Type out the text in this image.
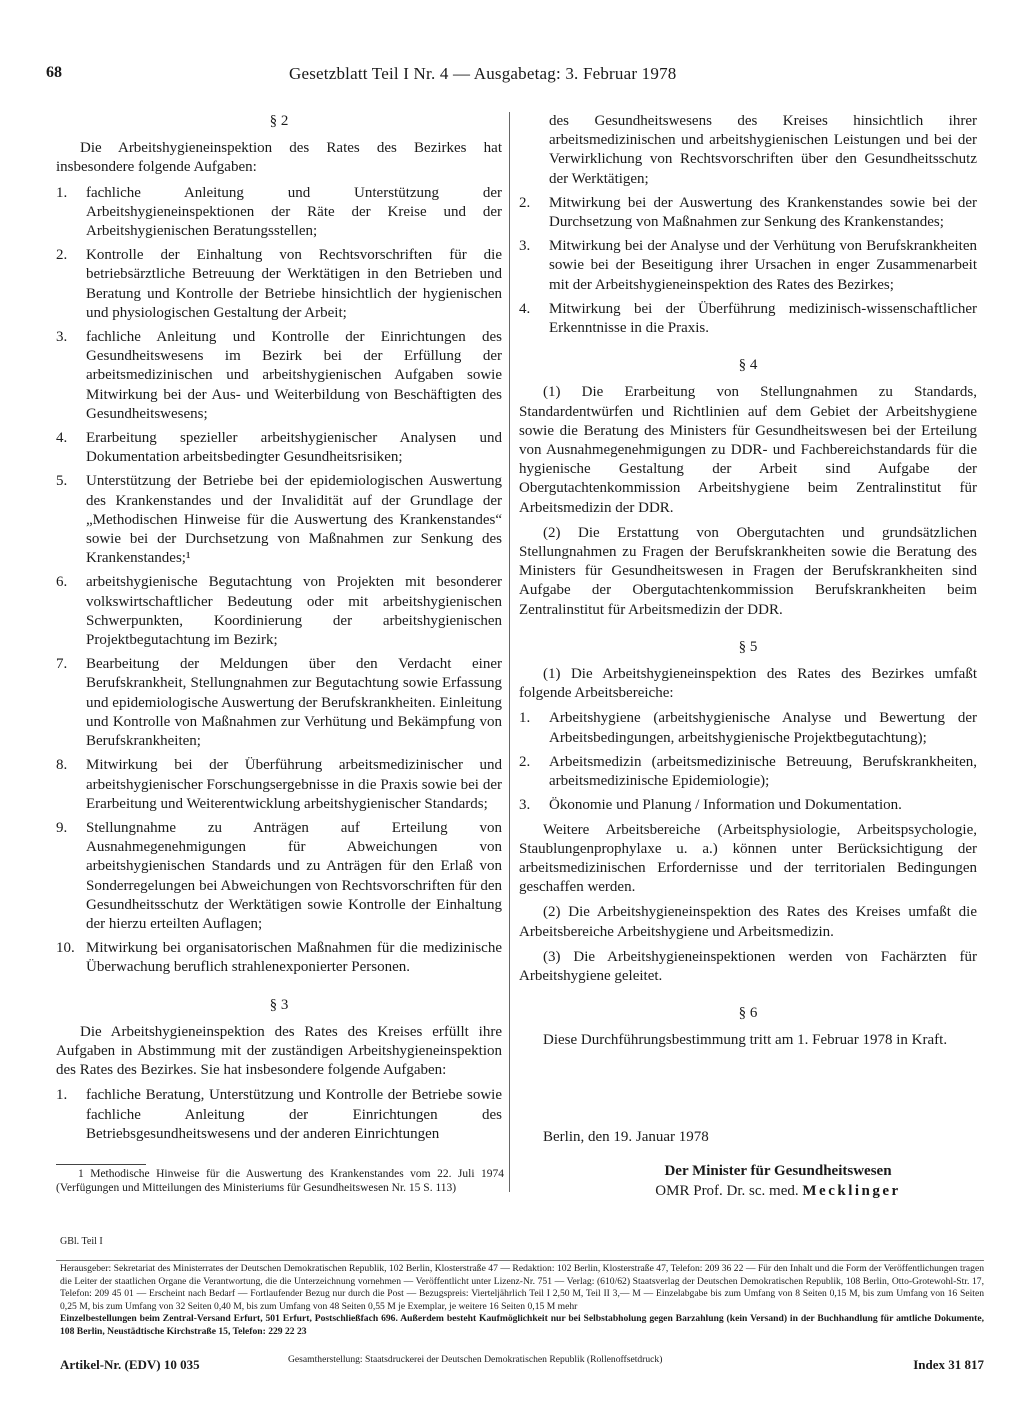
68	Gesetzblatt Teil I Nr. 4 — Ausgabetag: 3. Februar 1978
§ 2

Die Arbeitshygieneinspektion des Rates des Bezirkes hat insbesondere folgende Aufgaben:

1.	fachliche Anleitung und Unterstützung der Arbeitshygieneinspektionen der Räte der Kreise und der Arbeitshygienischen Beratungsstellen;
2.	Kontrolle der Einhaltung von Rechtsvorschriften für die betriebsärztliche Betreuung der Werktätigen in den Betrieben und Beratung und Kontrolle der Betriebe hinsichtlich der hygienischen und physiologischen Gestaltung der Arbeit;
3.	fachliche Anleitung und Kontrolle der Einrichtungen des Gesundheitswesens im Bezirk bei der Erfüllung der arbeitsmedizinischen und arbeitshygienischen Aufgaben sowie Mitwirkung bei der Aus- und Weiterbildung von Beschäftigten des Gesundheitswesens;
4.	Erarbeitung spezieller arbeitshygienischer Analysen und Dokumentation arbeitsbedingter Gesundheitsrisiken;
5.	Unterstützung der Betriebe bei der epidemiologischen Auswertung des Krankenstandes und der Invalidität auf der Grundlage der „Methodischen Hinweise für die Auswertung des Krankenstandes“ sowie bei der Durchsetzung von Maßnahmen zur Senkung des Krankenstandes;¹
6.	arbeitshygienische Begutachtung von Projekten mit besonderer volkswirtschaftlicher Bedeutung oder mit arbeitshygienischen Schwerpunkten, Koordinierung der arbeitshygienischen Projektbegutachtung im Bezirk;
7.	Bearbeitung der Meldungen über den Verdacht einer Berufskrankheit, Stellungnahmen zur Begutachtung sowie Erfassung und epidemiologische Auswertung der Berufskrankheiten. Einleitung und Kontrolle von Maßnahmen zur Verhütung und Bekämpfung von Berufskrankheiten;
8.	Mitwirkung bei der Überführung arbeitsmedizinischer und arbeitshygienischer Forschungsergebnisse in die Praxis sowie bei der Erarbeitung und Weiterentwicklung arbeitshygienischer Standards;
9.	Stellungnahme zu Anträgen auf Erteilung von Ausnahmegenehmigungen für Abweichungen von arbeitshygienischen Standards und zu Anträgen für den Erlaß von Sonderregelungen bei Abweichungen von Rechtsvorschriften für den Gesundheitsschutz der Werktätigen sowie Kontrolle der Einhaltung der hierzu erteilten Auflagen;
10. Mitwirkung bei organisatorischen Maßnahmen für die medizinische Überwachung beruflich strahlenexponierter Personen.
§ 3

Die Arbeitshygieneinspektion des Rates des Kreises erfüllt ihre Aufgaben in Abstimmung mit der zuständigen Arbeitshygieneinspektion des Rates des Bezirkes. Sie hat insbesondere folgende Aufgaben:

1.	fachliche Beratung, Unterstützung und Kontrolle der Betriebe sowie fachliche Anleitung der Einrichtungen des Betriebsgesundheitswesens und der anderen Einrichtungen
1 Methodische Hinweise für die Auswertung des Krankenstandes vom 22. Juli 1974 (Verfügungen und Mitteilungen des Ministeriums für Gesundheitswesen Nr. 15 S. 113)
des Gesundheitswesens des Kreises hinsichtlich ihrer arbeitsmedizinischen und arbeitshygienischen Leistungen und bei der Verwirklichung von Rechtsvorschriften über den Gesundheitsschutz der Werktätigen;
2.	Mitwirkung bei der Auswertung des Krankenstandes sowie bei der Durchsetzung von Maßnahmen zur Senkung des Krankenstandes;
3.	Mitwirkung bei der Analyse und der Verhütung von Berufskrankheiten sowie bei der Beseitigung ihrer Ursachen in enger Zusammenarbeit mit der Arbeitshygieneinspektion des Rates des Bezirkes;
4.	Mitwirkung bei der Überführung medizinisch-wissenschaftlicher Erkenntnisse in die Praxis.
§ 4

(1) Die Erarbeitung von Stellungnahmen zu Standards, Standardentwürfen und Richtlinien auf dem Gebiet der Arbeitshygiene sowie die Beratung des Ministers für Gesundheitswesen bei der Erteilung von Ausnahmegenehmigungen zu DDR- und Fachbereichstandards für die hygienische Gestaltung der Arbeit sind Aufgabe der Obergutachtenkommission Arbeitshygiene beim Zentralinstitut für Arbeitsmedizin der DDR.

(2) Die Erstattung von Obergutachten und grundsätzlichen Stellungnahmen zu Fragen der Berufskrankheiten sowie die Beratung des Ministers für Gesundheitswesen in Fragen der Berufskrankheiten sind Aufgabe der Obergutachtenkommission Berufskrankheiten beim Zentralinstitut für Arbeitsmedizin der DDR.

§ 5

(1) Die Arbeitshygieneinspektion des Rates des Bezirkes umfaßt folgende Arbeitsbereiche:

1.	Arbeitshygiene (arbeitshygienische Analyse und Bewertung der Arbeitsbedingungen, arbeitshygienische Projektbegutachtung);
2.	Arbeitsmedizin (arbeitsmedizinische Betreuung, Berufskrankheiten, arbeitsmedizinische Epidemiologie);
3.	Ökonomie und Planung / Information und Dokumentation.

Weitere Arbeitsbereiche (Arbeitsphysiologie, Arbeitspsychologie, Staublungenprophylaxe u. a.) können unter Berücksichtigung der arbeitsmedizinischen Erfordernisse und der territorialen Bedingungen geschaffen werden.

(2) Die Arbeitshygieneinspektion des Rates des Kreises umfaßt die Arbeitsbereiche Arbeitshygiene und Arbeitsmedizin.

(3) Die Arbeitshygieneinspektionen werden von Fachärzten für Arbeitshygiene geleitet.

§ 6

Diese Durchführungsbestimmung tritt am 1. Februar 1978 in Kraft.

Berlin, den 19. Januar 1978
Der Minister für Gesundheitswesen
OMR Prof. Dr. sc. med. Mecklinger
GBl. Teil I
Herausgeber: Sekretariat des Ministerrates der Deutschen Demokratischen Republik, 102 Berlin, Klosterstraße 47 — Redaktion: 102 Berlin, Klosterstraße 47, Telefon: 209 36 22 — Für den Inhalt und die Form der Veröffentlichungen tragen die Leiter der staatlichen Organe die Verantwortung, die die Unterzeichnung vornehmen — Veröffentlicht unter Lizenz-Nr. 751 — Verlag: (610/62) Staatsverlag der Deutschen Demokratischen Republik, 108 Berlin, Otto-Grotewohl-Str. 17, Telefon: 209 45 01 — Erscheint nach Bedarf — Fortlaufender Bezug nur durch die Post — Bezugspreis: Vierteljährlich Teil I 2,50 M, Teil II 3,— M — Einzelabgabe bis zum Umfang von 8 Seiten 0,15 M, bis zum Umfang von 16 Seiten 0,25 M, bis zum Umfang von 32 Seiten 0,40 M, bis zum Umfang von 48 Seiten 0,55 M je Exemplar, je weitere 16 Seiten 0,15 M mehr
Einzelbestellungen beim Zentral-Versand Erfurt, 501 Erfurt, Postschließfach 696. Außerdem besteht Kaufmöglichkeit nur bei Selbstabholung gegen Barzahlung (kein Versand) in der Buchhandlung für amtliche Dokumente, 108 Berlin, Neustädtische Kirchstraße 15, Telefon: 229 22 23
Artikel-Nr. (EDV) 10 035	Gesamtherstellung: Staatsdruckerei der Deutschen Demokratischen Republik (Rollenoffsetdruck)	Index 31 817
